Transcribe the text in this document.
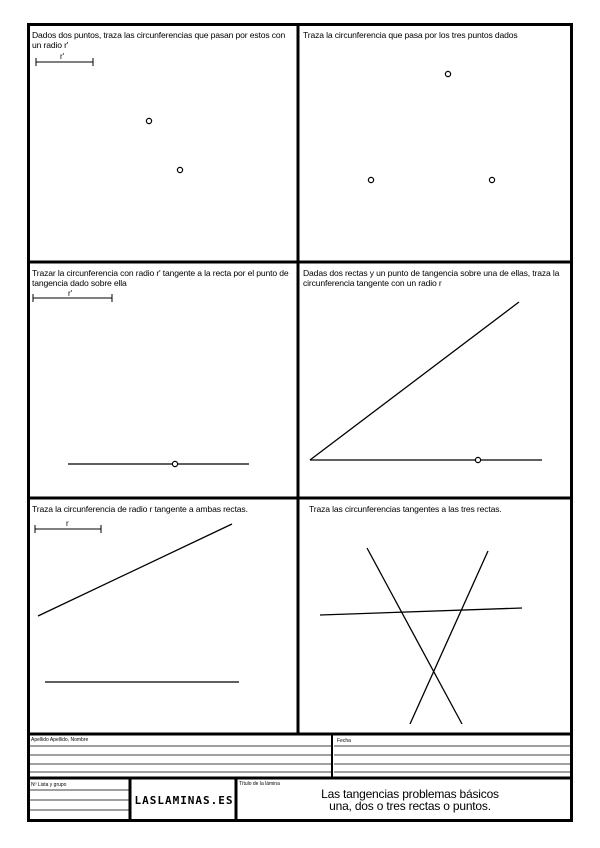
Dados dos puntos, traza las circunferencias que pasan por estos con un radio r'
r'
Traza la circunferencia que pasa por los tres puntos dados
Trazar la circunferencia con radio r' tangente a la recta por el punto de tangencia dado sobre ella
r'
Dadas dos rectas y un punto de tangencia sobre una de ellas, traza la circunferencia tangente con un radio r
Traza la circunferencia de radio r tangente a ambas rectas.
r
Traza las circunferencias tangentes a las tres rectas.
Apellido Apellido, Nombre	Fecha
Nº Lista y grupo
LASLAMINAS.ES
Título de la lámina
Las tangencias problemas básicos
una, dos o tres rectas o puntos.
